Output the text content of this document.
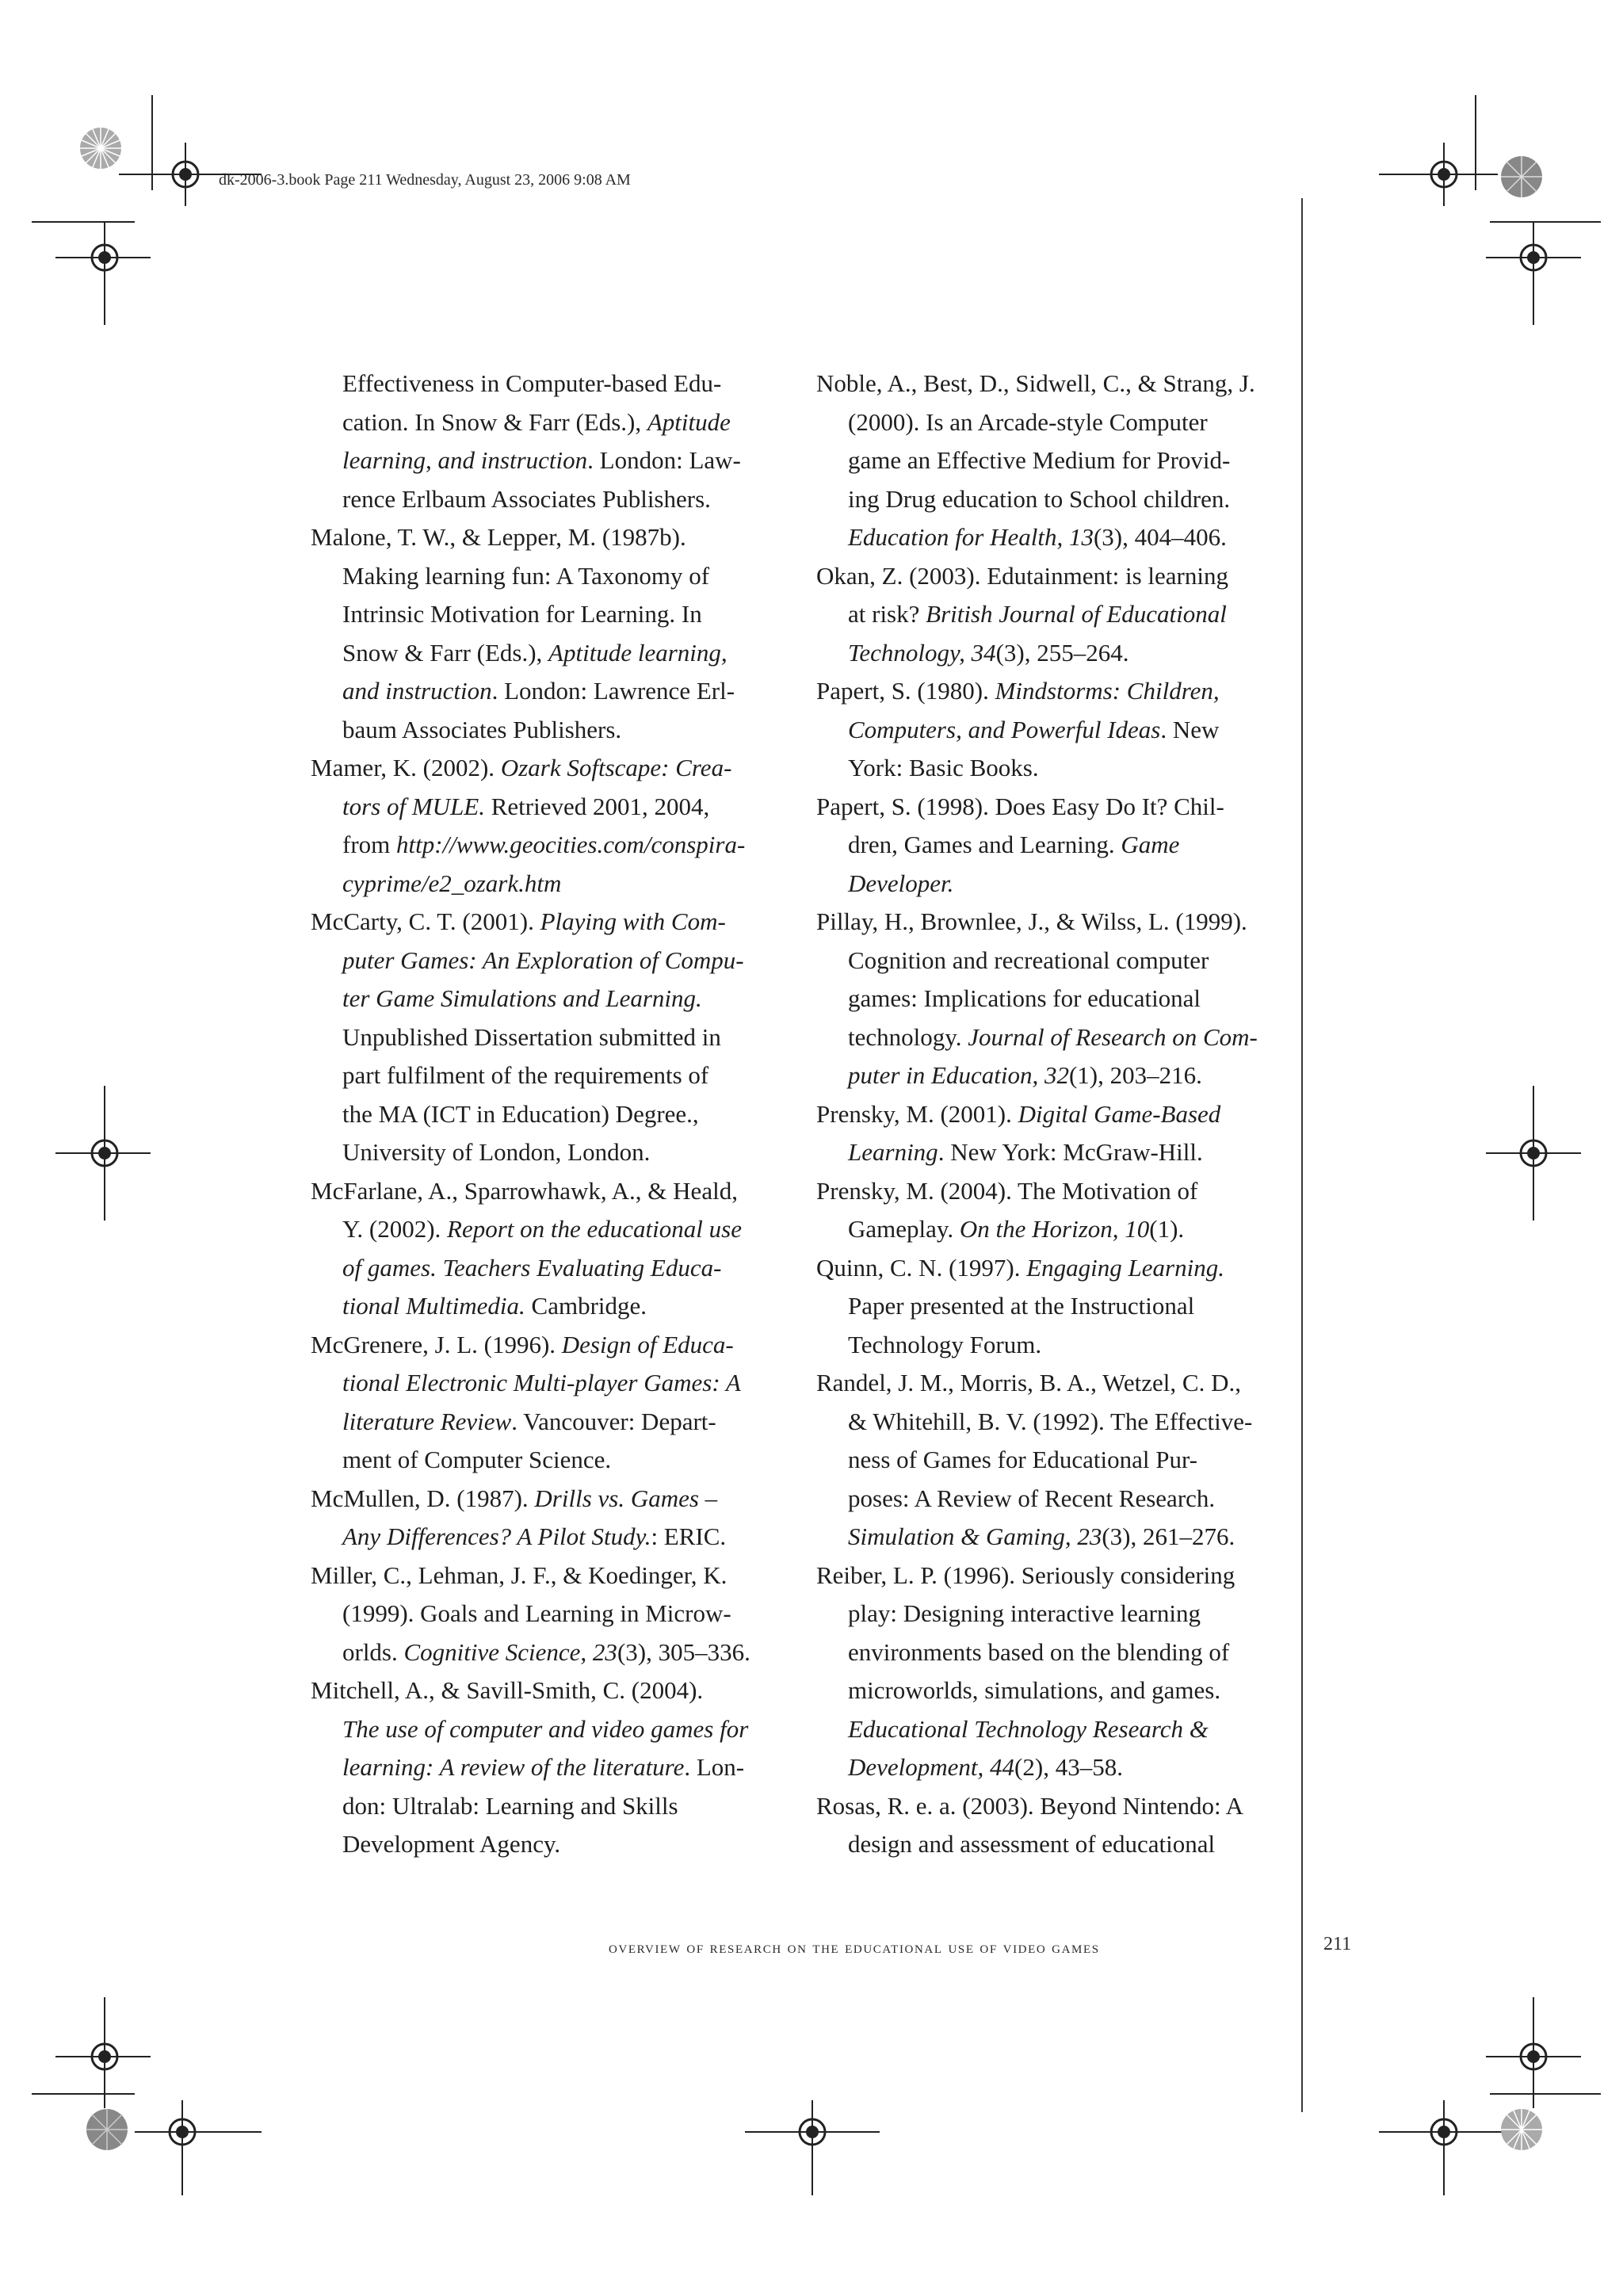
dk-2006-3.book Page 211 Wednesday, August 23, 2006 9:08 AM

Effectiveness in Computer-based Edu-
cation. In Snow & Farr (Eds.), Aptitude
learning, and instruction. London: Law-
rence Erlbaum Associates Publishers.

Malone, T. W., & Lepper, M. (1987b).
Making learning fun: A Taxonomy of
Intrinsic Motivation for Learning. In
Snow & Farr (Eds.), Aptitude learning,
and instruction. London: Lawrence Erl-
baum Associates Publishers.

Mamer, K. (2002). Ozark Softscape: Crea-
tors of MULE. Retrieved 2001, 2004,
from http://www.geocities.com/conspira-
cyprime/e2_ozark.htm

McCarty, C. T. (2001). Playing with Com-
puter Games: An Exploration of Compu-
ter Game Simulations and Learning.
Unpublished Dissertation submitted in
part fulfilment of the requirements of
the MA (ICT in Education) Degree.,
University of London, London.

McFarlane, A., Sparrowhawk, A., & Heald,
Y. (2002). Report on the educational use
of games. Teachers Evaluating Educa-
tional Multimedia. Cambridge.

McGrenere, J. L. (1996). Design of Educa-
tional Electronic Multi-player Games: A
literature Review. Vancouver: Depart-
ment of Computer Science.

McMullen, D. (1987). Drills vs. Games –
Any Differences? A Pilot Study.: ERIC.

Miller, C., Lehman, J. F., & Koedinger, K.
(1999). Goals and Learning in Microw-
orlds. Cognitive Science, 23(3), 305–336.

Mitchell, A., & Savill-Smith, C. (2004).
The use of computer and video games for
learning: A review of the literature. Lon-
don: Ultralab: Learning and Skills
Development Agency.

Noble, A., Best, D., Sidwell, C., & Strang, J.
(2000). Is an Arcade-style Computer
game an Effective Medium for Provid-
ing Drug education to School children.
Education for Health, 13(3), 404–406.

Okan, Z. (2003). Edutainment: is learning
at risk? British Journal of Educational
Technology, 34(3), 255–264.

Papert, S. (1980). Mindstorms: Children,
Computers, and Powerful Ideas. New
York: Basic Books.

Papert, S. (1998). Does Easy Do It? Chil-
dren, Games and Learning. Game
Developer.

Pillay, H., Brownlee, J., & Wilss, L. (1999).
Cognition and recreational computer
games: Implications for educational
technology. Journal of Research on Com-
puter in Education, 32(1), 203–216.

Prensky, M. (2001). Digital Game-Based
Learning. New York: McGraw-Hill.

Prensky, M. (2004). The Motivation of
Gameplay. On the Horizon, 10(1).

Quinn, C. N. (1997). Engaging Learning.
Paper presented at the Instructional
Technology Forum.

Randel, J. M., Morris, B. A., Wetzel, C. D.,
& Whitehill, B. V. (1992). The Effective-
ness of Games for Educational Pur-
poses: A Review of Recent Research.
Simulation & Gaming, 23(3), 261–276.

Reiber, L. P. (1996). Seriously considering
play: Designing interactive learning
environments based on the blending of
microworlds, simulations, and games.
Educational Technology Research &
Development, 44(2), 43–58.

Rosas, R. e. a. (2003). Beyond Nintendo: A
design and assessment of educational

overview of research on the educational use of video games	211
